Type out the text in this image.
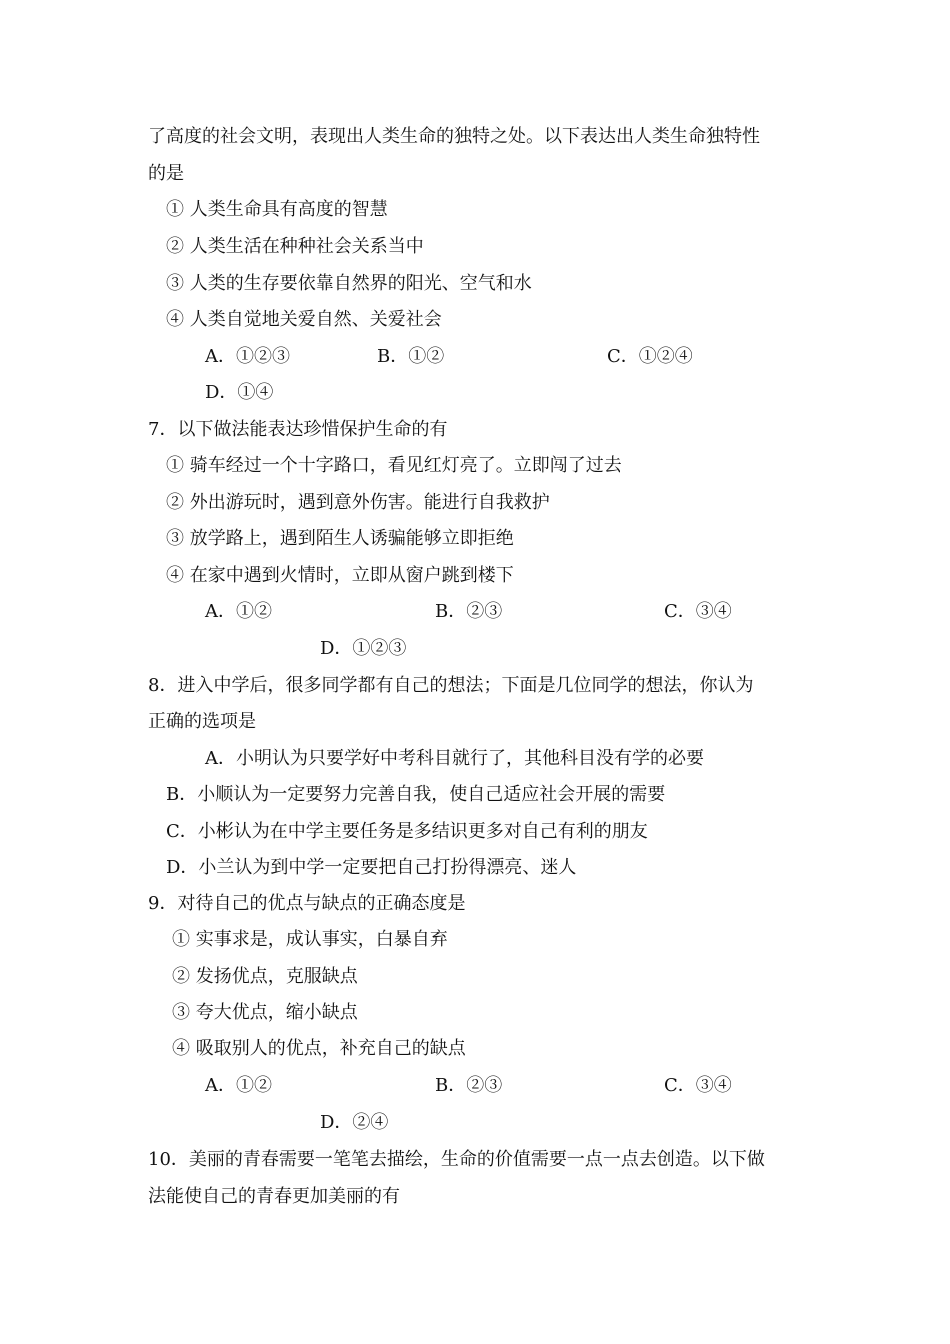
了高度的社会文明，表现出人类生命的独特之处。以下表达出人类生命独特性
的是
① 人类生命具有高度的智慧
② 人类生活在种种社会关系当中
③ 人类的生存要依靠自然界的阳光、空气和水
④ 人类自觉地关爱自然、关爱社会
A．①②③	B．①②	C．①②④
D．①④
7．以下做法能表达珍惜保护生命的有
① 骑车经过一个十字路口，看见红灯亮了。立即闯了过去
② 外出游玩时，遇到意外伤害。能进行自我救护
③ 放学路上，遇到陌生人诱骗能够立即拒绝
④ 在家中遇到火情时，立即从窗户跳到楼下
A．①②	B．②③	C．③④
D．①②③
8．进入中学后，很多同学都有自己的想法；下面是几位同学的想法，你认为
正确的选项是
A．小明认为只要学好中考科目就行了，其他科目没有学的必要
B．小顺认为一定要努力完善自我，使自己适应社会开展的需要
C．小彬认为在中学主要任务是多结识更多对自己有利的朋友
D．小兰认为到中学一定要把自己打扮得漂亮、迷人
9．对待自己的优点与缺点的正确态度是
① 实事求是，成认事实，白暴自弃
② 发扬优点，克服缺点
③ 夸大优点，缩小缺点
④ 吸取别人的优点，补充自己的缺点
A．①②	B．②③	C．③④
D．②④
10．美丽的青春需要一笔笔去描绘，生命的价值需要一点一点去创造。以下做
法能使自己的青春更加美丽的有
